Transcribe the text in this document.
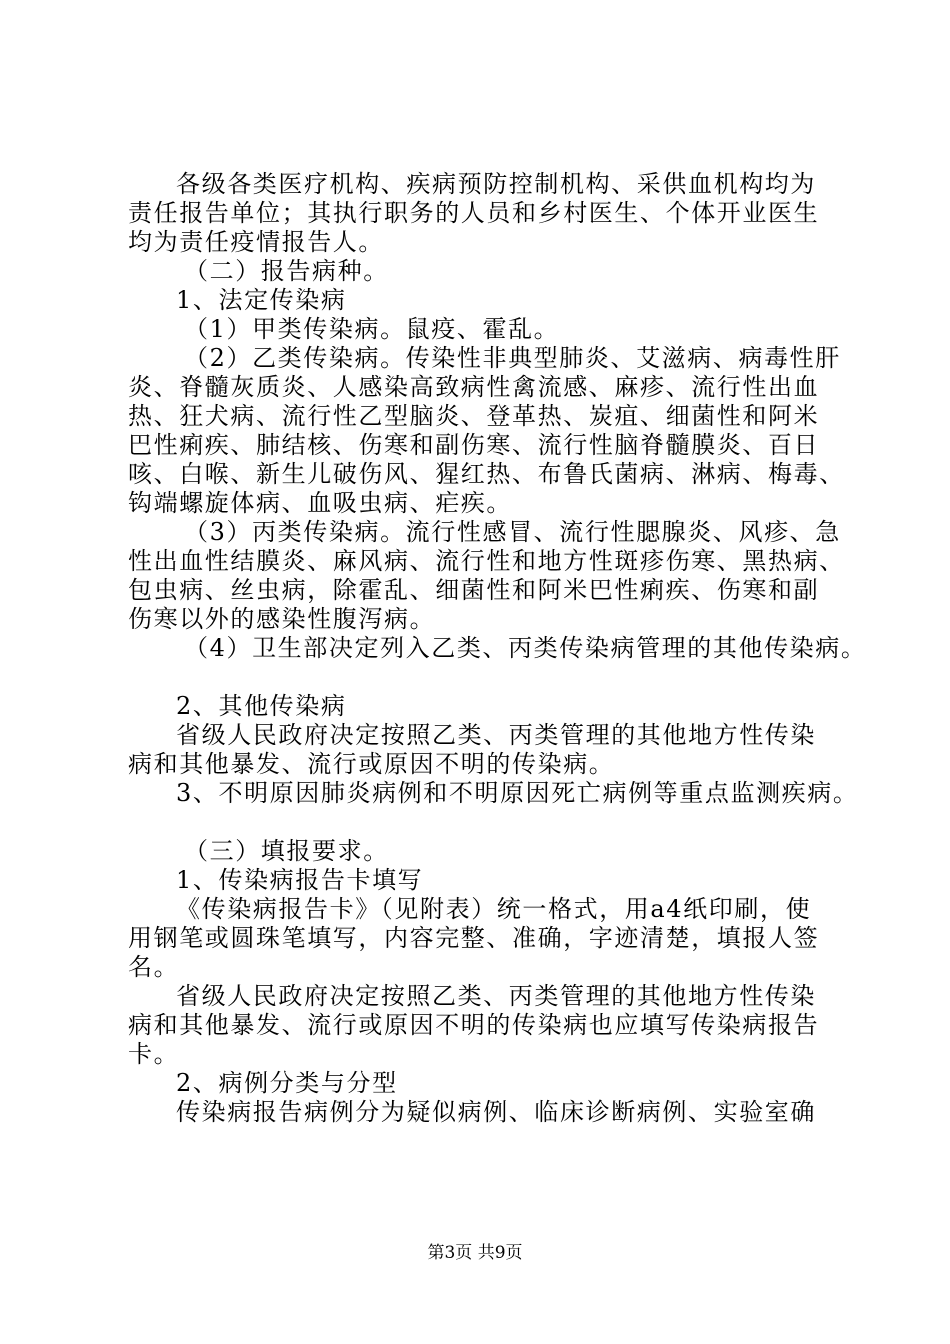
各级各类医疗机构、疾病预防控制机构、采供血机构均为
责任报告单位；其执行职务的人员和乡村医生、个体开业医生
均为责任疫情报告人。
（二）报告病种。
1、法定传染病
（1）甲类传染病。鼠疫、霍乱。
（2）乙类传染病。传染性非典型肺炎、艾滋病、病毒性肝
炎、脊髓灰质炎、人感染高致病性禽流感、麻疹、流行性出血
热、狂犬病、流行性乙型脑炎、登革热、炭疽、细菌性和阿米
巴性痢疾、肺结核、伤寒和副伤寒、流行性脑脊髓膜炎、百日
咳、白喉、新生儿破伤风、猩红热、布鲁氏菌病、淋病、梅毒、
钩端螺旋体病、血吸虫病、疟疾。
（3）丙类传染病。流行性感冒、流行性腮腺炎、风疹、急
性出血性结膜炎、麻风病、流行性和地方性斑疹伤寒、黑热病、
包虫病、丝虫病，除霍乱、细菌性和阿米巴性痢疾、伤寒和副
伤寒以外的感染性腹泻病。
（4）卫生部决定列入乙类、丙类传染病管理的其他传染病。
2、其他传染病
省级人民政府决定按照乙类、丙类管理的其他地方性传染
病和其他暴发、流行或原因不明的传染病。
3、不明原因肺炎病例和不明原因死亡病例等重点监测疾病。
（三）填报要求。
1、传染病报告卡填写
《传染病报告卡》（见附表）统一格式，用a4纸印刷，使
用钢笔或圆珠笔填写，内容完整、准确，字迹清楚，填报人签
名。
省级人民政府决定按照乙类、丙类管理的其他地方性传染
病和其他暴发、流行或原因不明的传染病也应填写传染病报告
卡。
2、病例分类与分型
传染病报告病例分为疑似病例、临床诊断病例、实验室确
第3页 共9页
